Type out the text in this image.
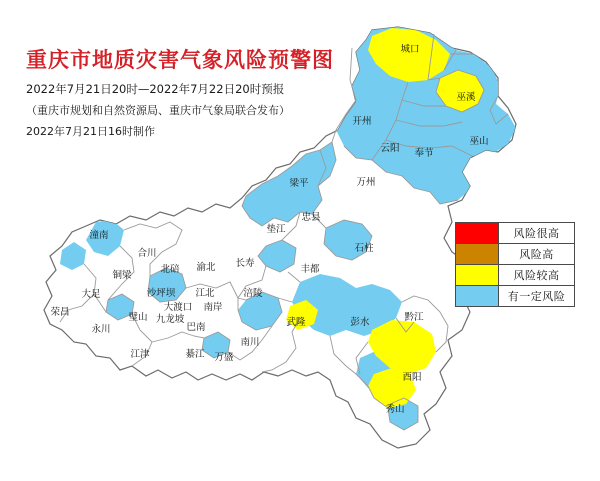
城口
巫溪
开州
云阳 奉节
巫山
梁平	万州
忠县
垫江
石柱
潼南
合川
铜梁
北碚 渝北 长寿
丰都
大足	沙坪坝 江北	涪陵
武隆	彭水	黔江
荣昌
永川
璧山
大渡口 南岸
九龙坡
巴南
南川
江津	綦江 万盛
酉阳
秀山
重庆市地质灾害气象风险预警图
2022年7月21日20时—2022年7月22日20时预报
（重庆市规划和自然资源局、重庆市气象局联合发布）
2022年7月21日16时制作
风险很高
风险高
风险较高
有一定风险
